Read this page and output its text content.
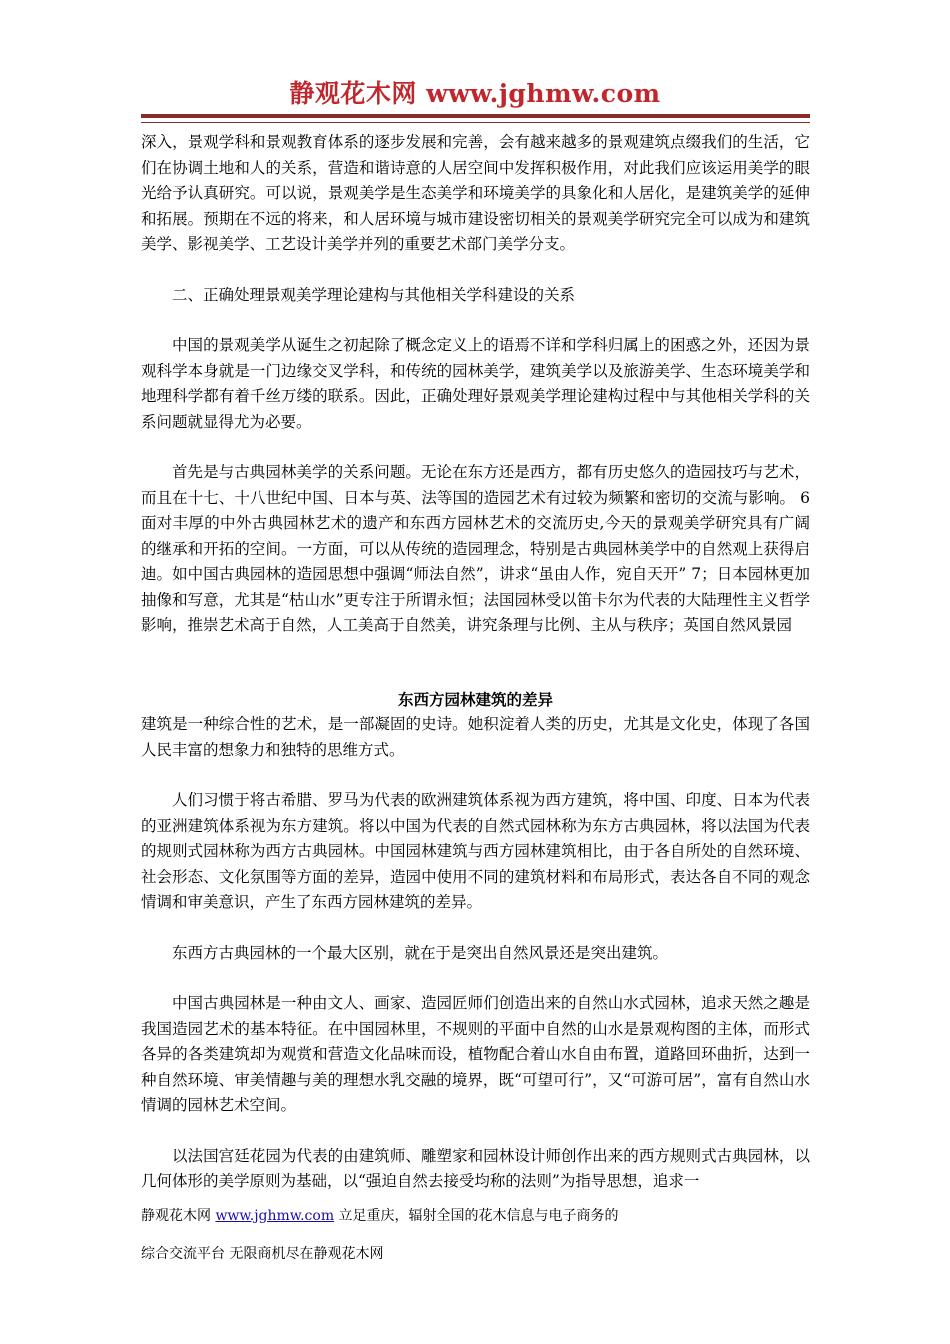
静观花木网 www.jghmw.com

深入，景观学科和景观教育体系的逐步发展和完善，会有越来越多的景观建筑点缀我们的生活，它们在协调土地和人的关系，营造和谐诗意的人居空间中发挥积极作用，对此我们应该运用美学的眼光给予认真研究。可以说，景观美学是生态美学和环境美学的具象化和人居化，是建筑美学的延伸和拓展。预期在不远的将来，和人居环境与城市建设密切相关的景观美学研究完全可以成为和建筑美学、影视美学、工艺设计美学并列的重要艺术部门美学分支。

二、正确处理景观美学理论建构与其他相关学科建设的关系

中国的景观美学从诞生之初起除了概念定义上的语焉不详和学科归属上的困惑之外，还因为景观科学本身就是一门边缘交叉学科，和传统的园林美学，建筑美学以及旅游美学、生态环境美学和地理科学都有着千丝万缕的联系。因此，正确处理好景观美学理论建构过程中与其他相关学科的关系问题就显得尤为必要。

首先是与古典园林美学的关系问题。无论在东方还是西方，都有历史悠久的造园技巧与艺术，而且在十七、十八世纪中国、日本与英、法等国的造园艺术有过较为频繁和密切的交流与影响。 6面对丰厚的中外古典园林艺术的遗产和东西方园林艺术的交流历史,今天的景观美学研究具有广阔的继承和开拓的空间。一方面，可以从传统的造园理念，特别是古典园林美学中的自然观上获得启迪。如中国古典园林的造园思想中强调“师法自然”，讲求“虽由人作，宛自天开” 7；日本园林更加抽像和写意，尤其是“枯山水”更专注于所谓永恒；法国园林受以笛卡尔为代表的大陆理性主义哲学影响，推崇艺术高于自然，人工美高于自然美，讲究条理与比例、主从与秩序；英国自然风景园

东西方园林建筑的差异

建筑是一种综合性的艺术，是一部凝固的史诗。她积淀着人类的历史，尤其是文化史，体现了各国人民丰富的想象力和独特的思维方式。

人们习惯于将古希腊、罗马为代表的欧洲建筑体系视为西方建筑，将中国、印度、日本为代表的亚洲建筑体系视为东方建筑。将以中国为代表的自然式园林称为东方古典园林，将以法国为代表的规则式园林称为西方古典园林。中国园林建筑与西方园林建筑相比，由于各自所处的自然环境、社会形态、文化氛围等方面的差异，造园中使用不同的建筑材料和布局形式，表达各自不同的观念情调和审美意识，产生了东西方园林建筑的差异。

东西方古典园林的一个最大区别，就在于是突出自然风景还是突出建筑。

中国古典园林是一种由文人、画家、造园匠师们创造出来的自然山水式园林，追求天然之趣是我国造园艺术的基本特征。在中国园林里，不规则的平面中自然的山水是景观构图的主体，而形式各异的各类建筑却为观赏和营造文化品味而设，植物配合着山水自由布置，道路回环曲折，达到一种自然环境、审美情趣与美的理想水乳交融的境界，既“可望可行”，又“可游可居”，富有自然山水情调的园林艺术空间。

以法国宫廷花园为代表的由建筑师、雕塑家和园林设计师创作出来的西方规则式古典园林，以几何体形的美学原则为基础，以“强迫自然去接受均称的法则”为指导思想，追求一

静观花木网 www.jghmw.com 立足重庆，辐射全国的花木信息与电子商务的
综合交流平台 无限商机尽在静观花木网
